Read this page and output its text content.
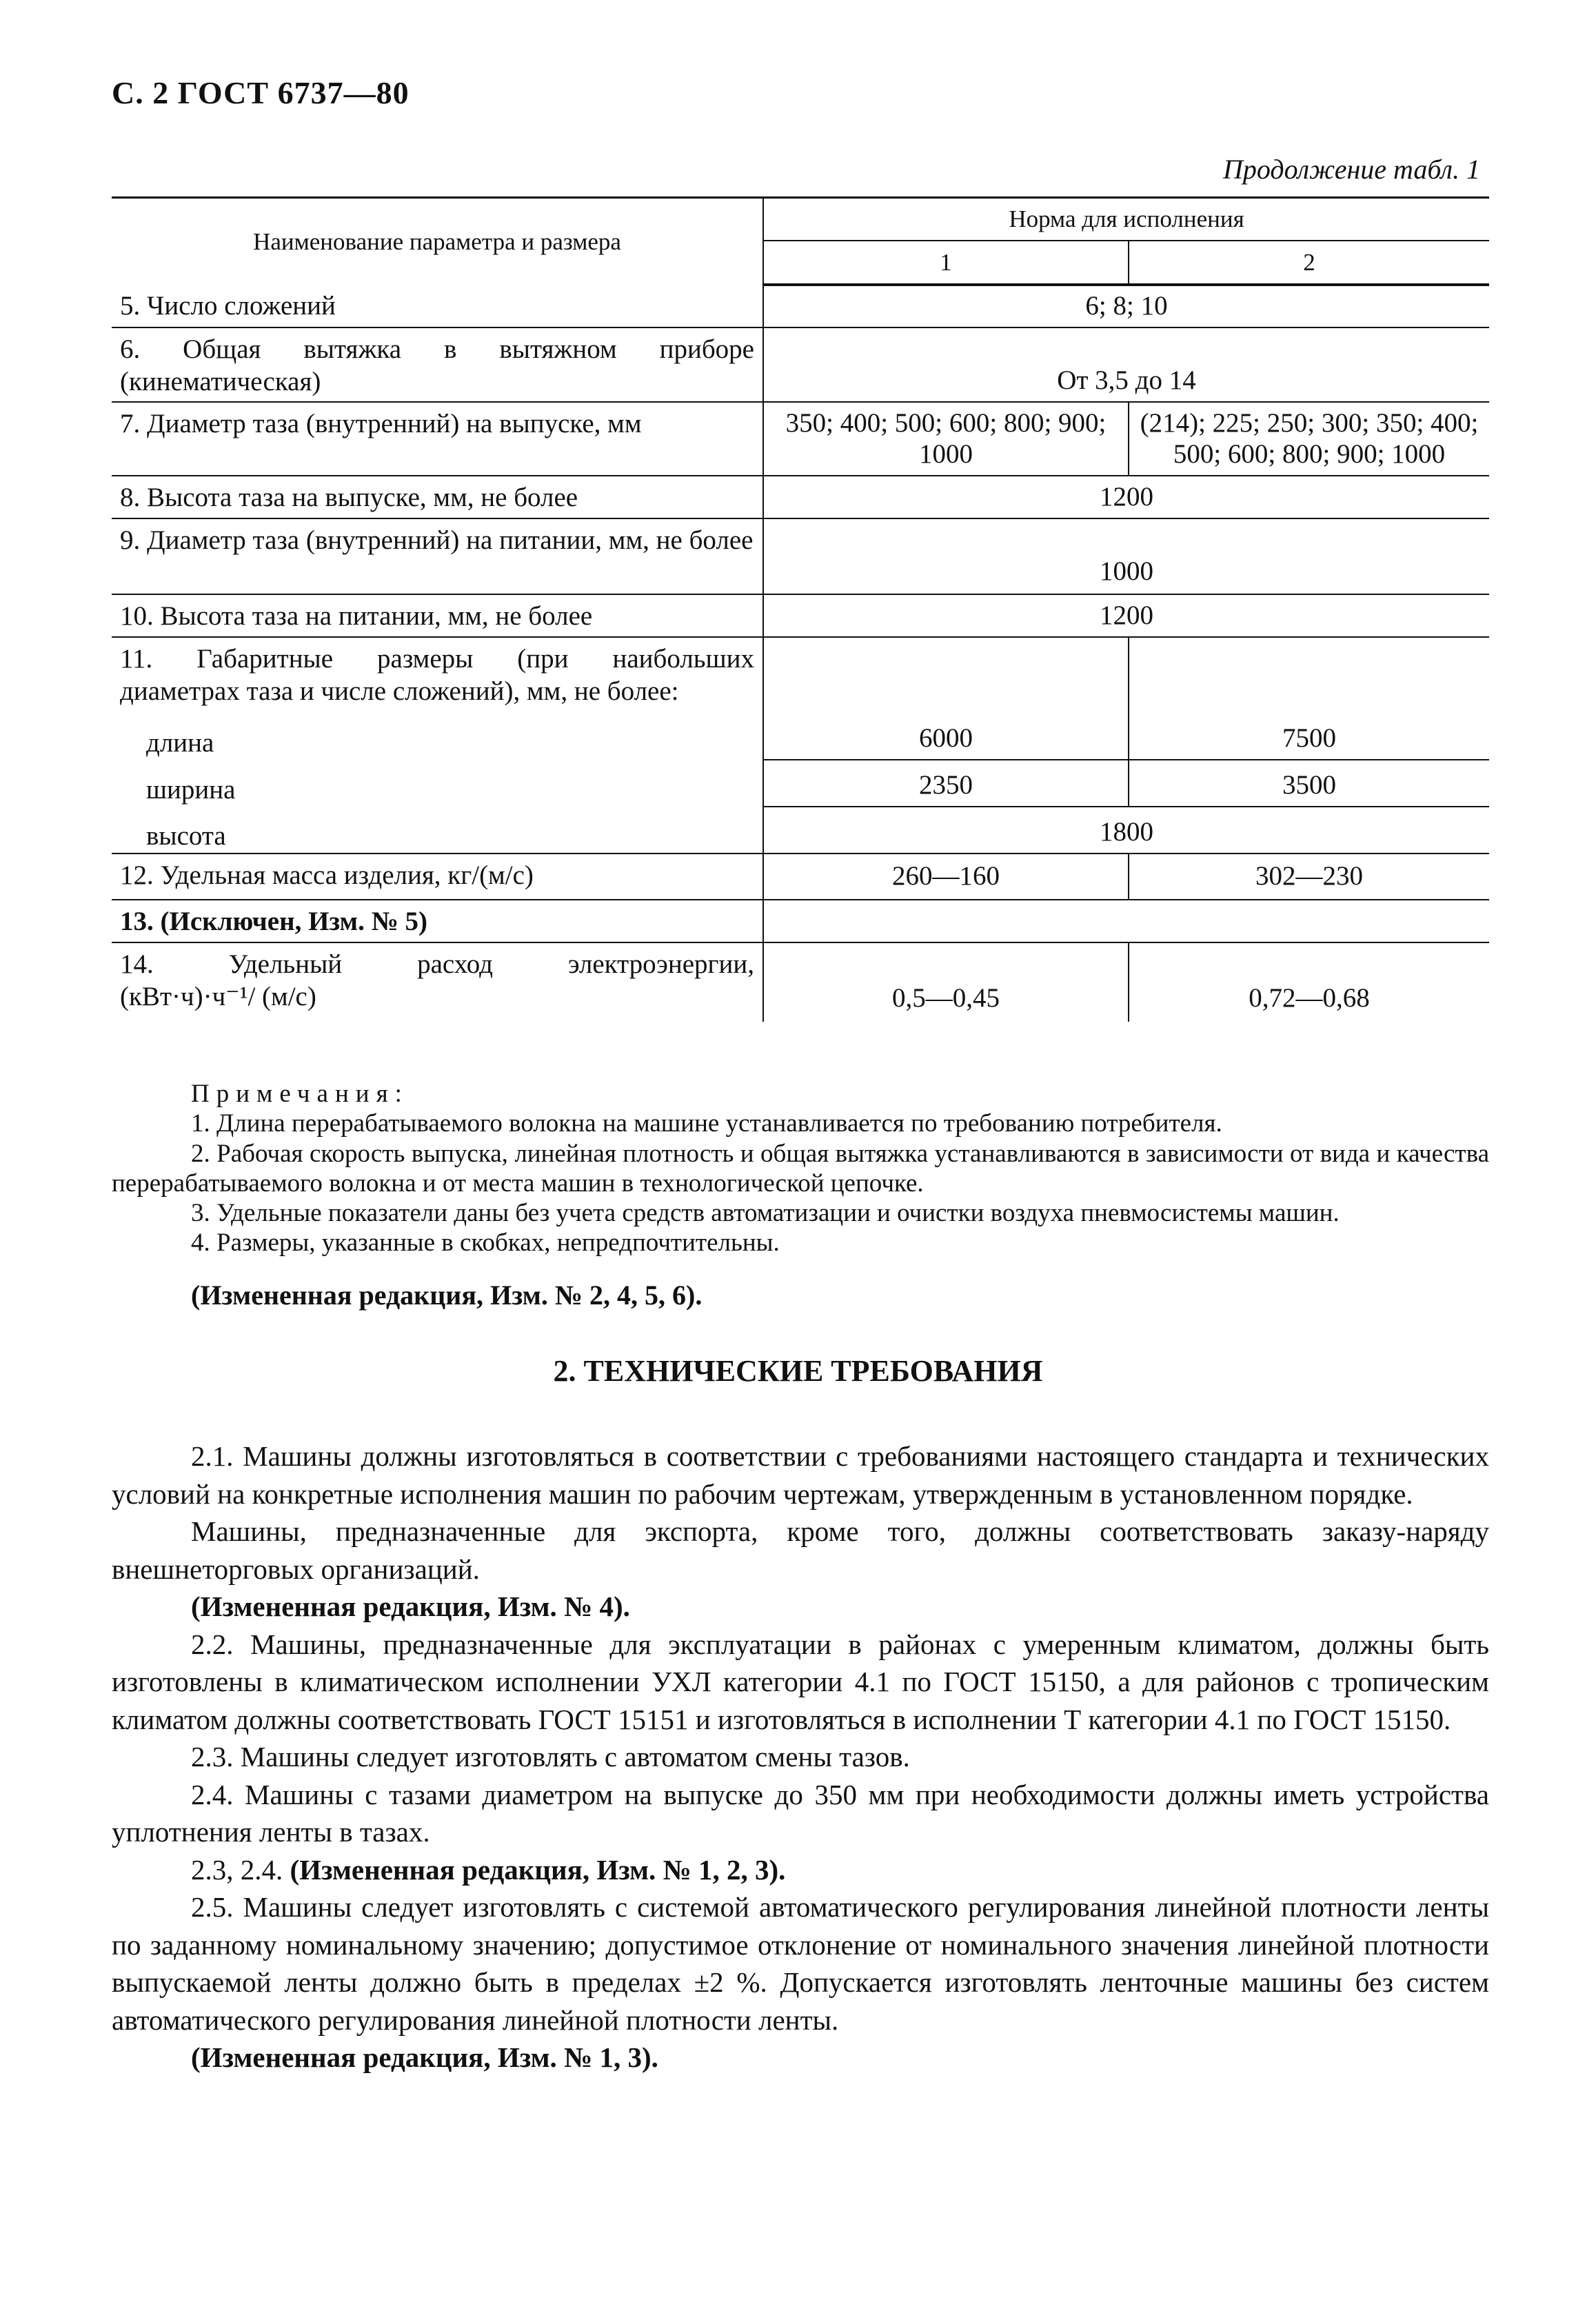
С. 2 ГОСТ 6737—80
Продолжение табл. 1
Наименование параметра и размера	Норма для исполнения	
	1	2
5. Число сложений	6; 8; 10	

6. Общая вытяжка в вытяжном приборе
(кинематическая)	От 3,5 до 14	
7. Диаметр таза (внутренний) на выпуске, мм	350; 400; 500; 600; 800; 900; 1000	(214); 225; 250; 300; 350; 400; 500; 600; 800; 900; 1000
8. Высота таза на выпуске, мм, не более	1200	
9. Диаметр таза (внутренний) на питании, мм, не более	1000	
10. Высота таза на питании, мм, не более	1200	

11. Габаритные размеры (при наибольших
диаметрах таза и числе сложений), мм, не более:		
длина	6000	7500
ширина	2350	3500
высота	1800	
12. Удельная масса изделия, кг/(м/с)	260—160	302—230
13. (Исключен, Изм. № 5)		

14. Удельный расход электроэнергии,
(кВт·ч)·ч⁻¹/ (м/с)	0,5—0,45	0,72—0,68
Примечания:

1. Длина перерабатываемого волокна на машине устанавливается по требованию потребителя.

2. Рабочая скорость выпуска, линейная плотность и общая вытяжка устанавливаются в зависимости от вида и качества перерабатываемого волокна и от места машин в технологической цепочке.

3. Удельные показатели даны без учета средств автоматизации и очистки воздуха пневмосистемы машин.

4. Размеры, указанные в скобках, непредпочтительны.

(Измененная редакция, Изм. № 2, 4, 5, 6).
2. ТЕХНИЧЕСКИЕ ТРЕБОВАНИЯ

2.1. Машины должны изготовляться в соответствии с требованиями настоящего стандарта и технических условий на конкретные исполнения машин по рабочим чертежам, утвержденным в установленном порядке.

Машины, предназначенные для экспорта, кроме того, должны соответствовать заказу-наряду внешнеторговых организаций.

(Измененная редакция, Изм. № 4).

2.2. Машины, предназначенные для эксплуатации в районах с умеренным климатом, должны быть изготовлены в климатическом исполнении УХЛ категории 4.1 по ГОСТ 15150, а для районов с тропическим климатом должны соответствовать ГОСТ 15151 и изготовляться в исполнении Т категории 4.1 по ГОСТ 15150.

2.3. Машины следует изготовлять с автоматом смены тазов.

2.4. Машины с тазами диаметром на выпуске до 350 мм при необходимости должны иметь устройства уплотнения ленты в тазах.

2.3, 2.4. (Измененная редакция, Изм. № 1, 2, 3).

2.5. Машины следует изготовлять с системой автоматического регулирования линейной плотности ленты по заданному номинальному значению; допустимое отклонение от номинального значения линейной плотности выпускаемой ленты должно быть в пределах ±2 %. Допускается изготовлять ленточные машины без систем автоматического регулирования линейной плотности ленты.

(Измененная редакция, Изм. № 1, 3).
